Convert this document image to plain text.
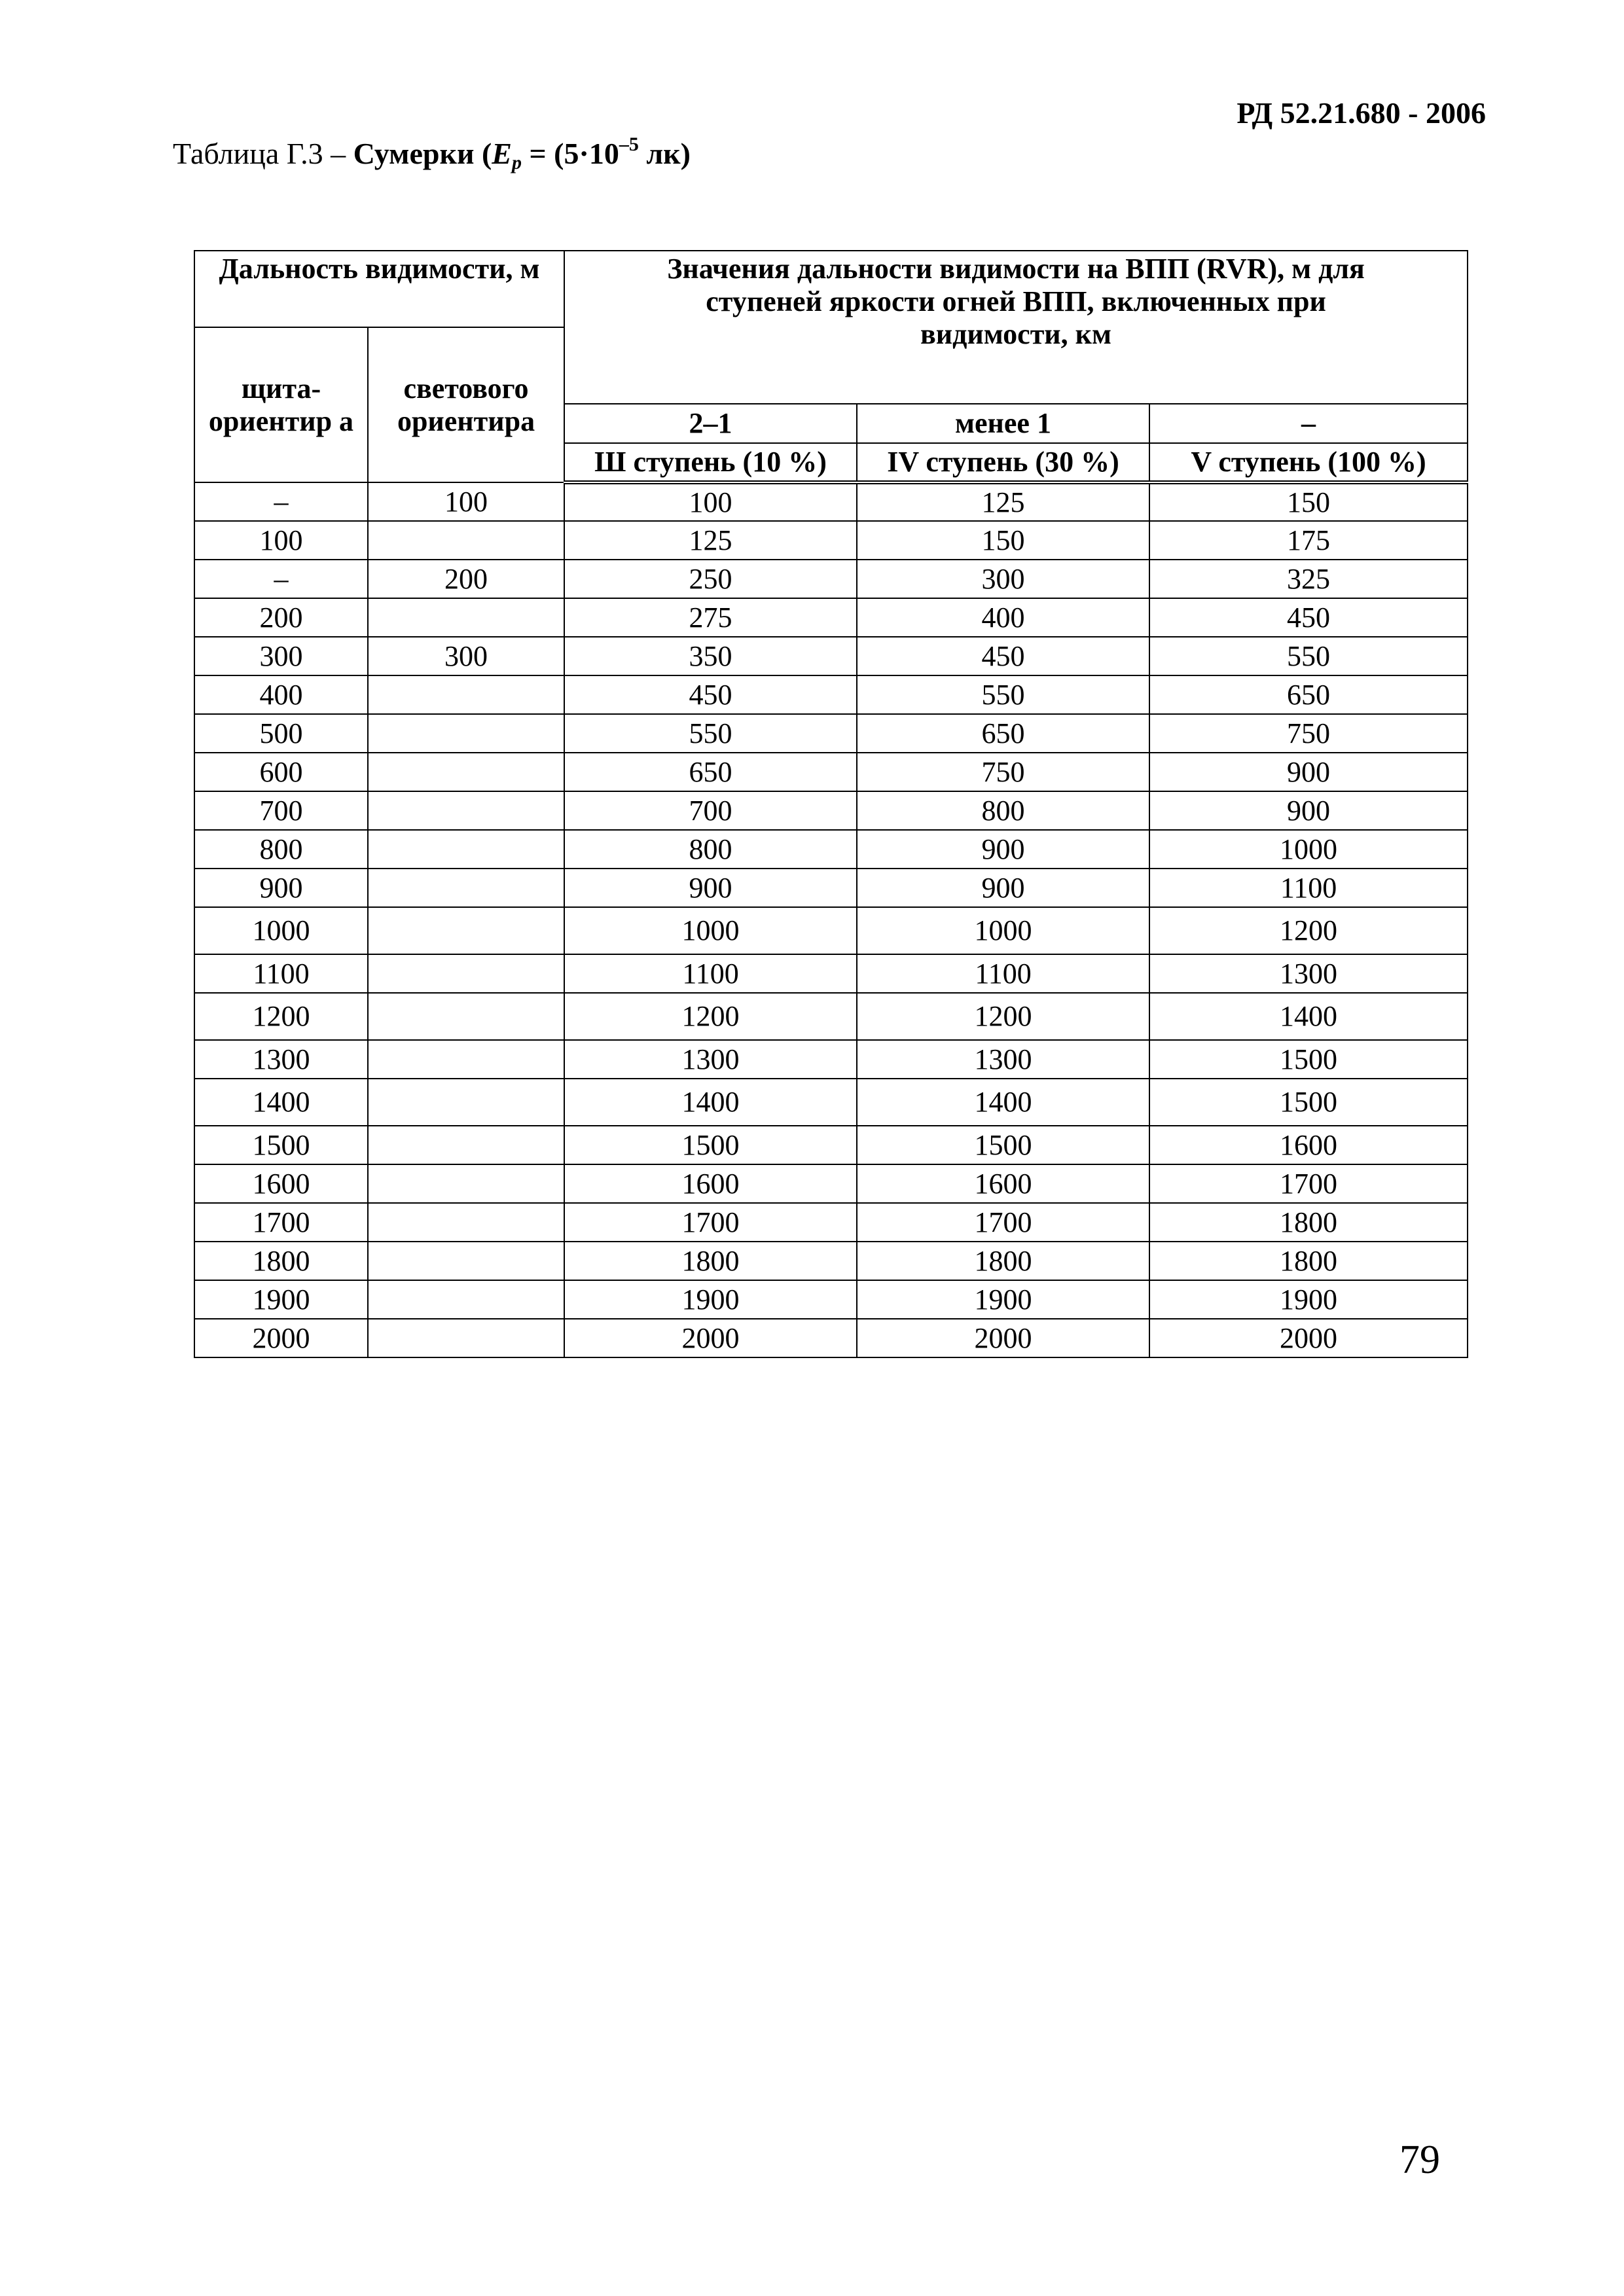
РД 52.21.680 - 2006
Таблица Г.3 – Сумерки ($E_p = (5\cdot 10^{-5}$ лк)
Дальность видимости, м		Значения дальности видимости на ВПП (RVR), м для ступеней яркости огней ВПП, включенных при видимости, км		
щита-ориентир а	светового ориентира			
		2–1	менее 1	–
		Ш ступень (10 %)	IV ступень (30 %)	V ступень (100 %)
–	100	100	125	150
100		125	150	175
–	200	250	300	325
200		275	400	450
300	300	350	450	550
400		450	550	650
500		550	650	750
600		650	750	900
700		700	800	900
800		800	900	1000
900		900	900	1100
1000		1000	1000	1200
1100		1100	1100	1300
1200		1200	1200	1400
1300		1300	1300	1500
1400		1400	1400	1500
1500		1500	1500	1600
1600		1600	1600	1700
1700		1700	1700	1800
1800		1800	1800	1800
1900		1900	1900	1900
2000		2000	2000	2000
79
